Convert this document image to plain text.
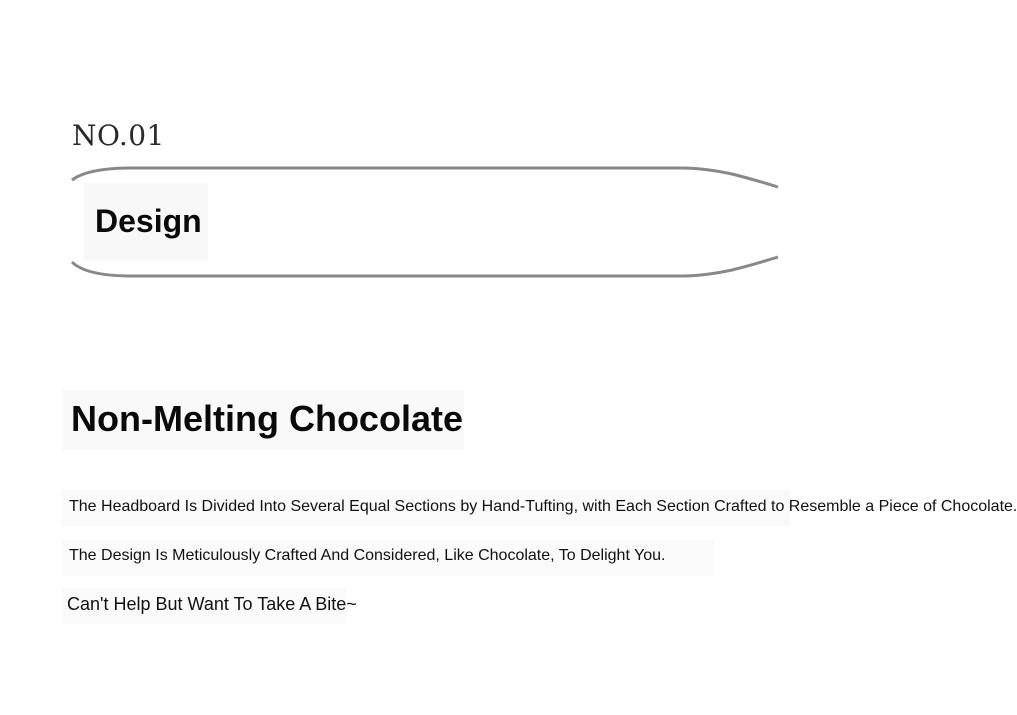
NO.01
Design
Non-Melting Chocolate
The Headboard Is Divided Into Several Equal Sections by Hand-Tufting, with Each Section Crafted to Resemble a Piece of Chocolate.
The Design Is Meticulously Crafted And Considered, Like Chocolate, To Delight You.
Can't Help But Want To Take A Bite~
